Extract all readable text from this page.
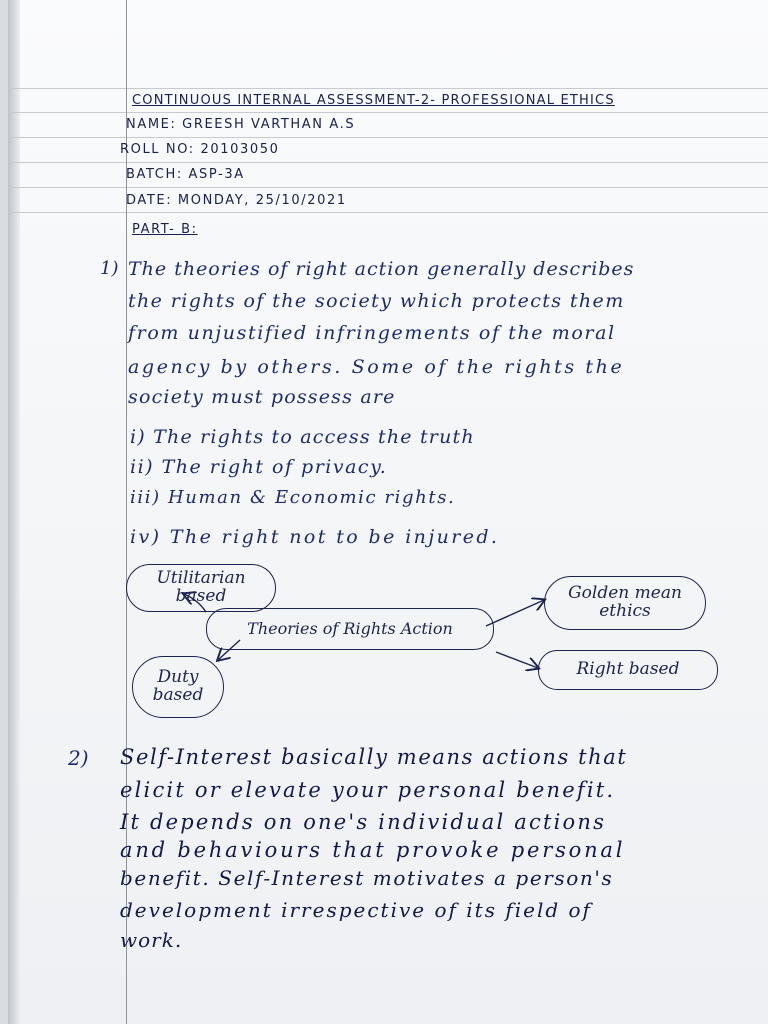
CONTINUOUS INTERNAL ASSESSMENT-2- PROFESSIONAL ETHICS
NAME: GREESH VARTHAN A.S
ROLL NO: 20103050
BATCH: ASP-3A
DATE: MONDAY, 25/10/2021
PART- B:
1) The theories of right action generally describes
the rights of the society which protects them
from unjustified infringements of the moral
agency by others. Some of the rights the
society must possess are
i) The rights to access the truth
ii) The right of privacy.
iii) Human & Economic rights.
iv) The right not to be injured.
Utilitarian based
Theories of Rights Action
Golden mean ethics
Right based
Duty based
2) Self-Interest basically means actions that
elicit or elevate your personal benefit.
It depends on one's individual actions
and behaviours that provoke personal
benefit. Self-Interest motivates a person's
development irrespective of its field of
work.
